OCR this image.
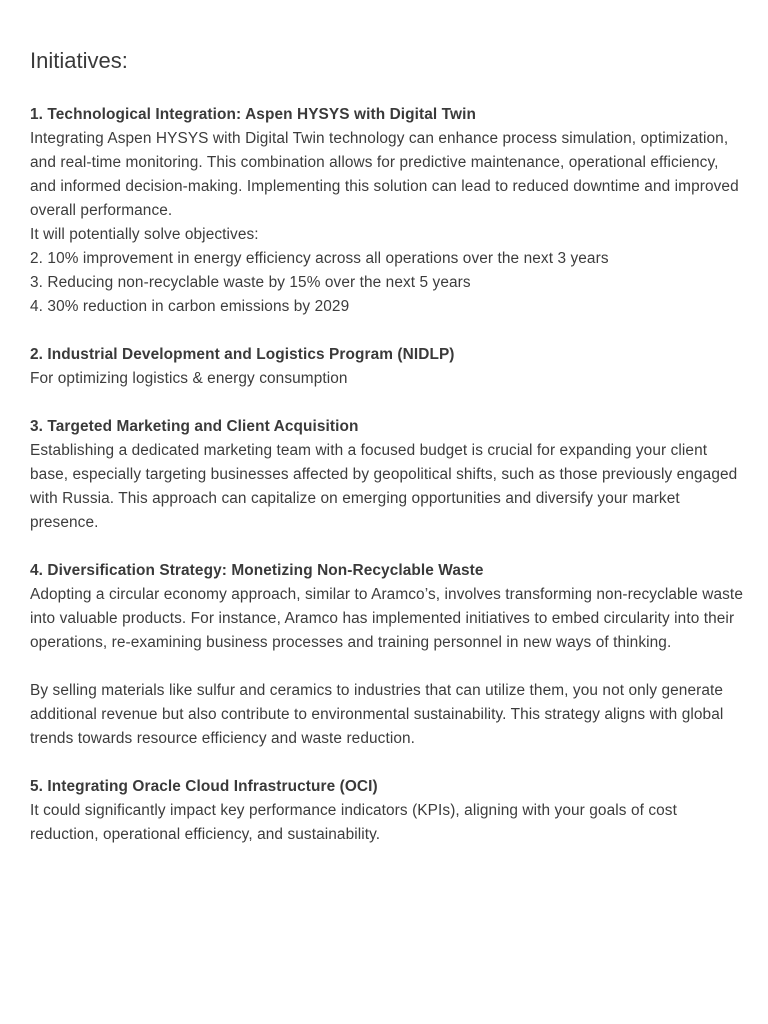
Initiatives:

1. Technological Integration: Aspen HYSYS with Digital Twin

Integrating Aspen HYSYS with Digital Twin technology can enhance process simulation, optimization, and real-time monitoring. This combination allows for predictive maintenance, operational efficiency, and informed decision-making. Implementing this solution can lead to reduced downtime and improved overall performance.

It will potentially solve objectives:

2. 10% improvement in energy efficiency across all operations over the next 3 years

3. Reducing non-recyclable waste by 15% over the next 5 years

4. 30% reduction in carbon emissions by 2029

2. Industrial Development and Logistics Program (NIDLP)

For optimizing logistics & energy consumption

3. Targeted Marketing and Client Acquisition

Establishing a dedicated marketing team with a focused budget is crucial for expanding your client base, especially targeting businesses affected by geopolitical shifts, such as those previously engaged with Russia. This approach can capitalize on emerging opportunities and diversify your market presence.

4. Diversification Strategy: Monetizing Non-Recyclable Waste

Adopting a circular economy approach, similar to Aramco’s, involves transforming non-recyclable waste into valuable products. For instance, Aramco has implemented initiatives to embed circularity into their operations, re-examining business processes and training personnel in new ways of thinking.

By selling materials like sulfur and ceramics to industries that can utilize them, you not only generate additional revenue but also contribute to environmental sustainability. This strategy aligns with global trends towards resource efficiency and waste reduction.

5. Integrating Oracle Cloud Infrastructure (OCI)

It could significantly impact key performance indicators (KPIs), aligning with your goals of cost reduction, operational efficiency, and sustainability.
